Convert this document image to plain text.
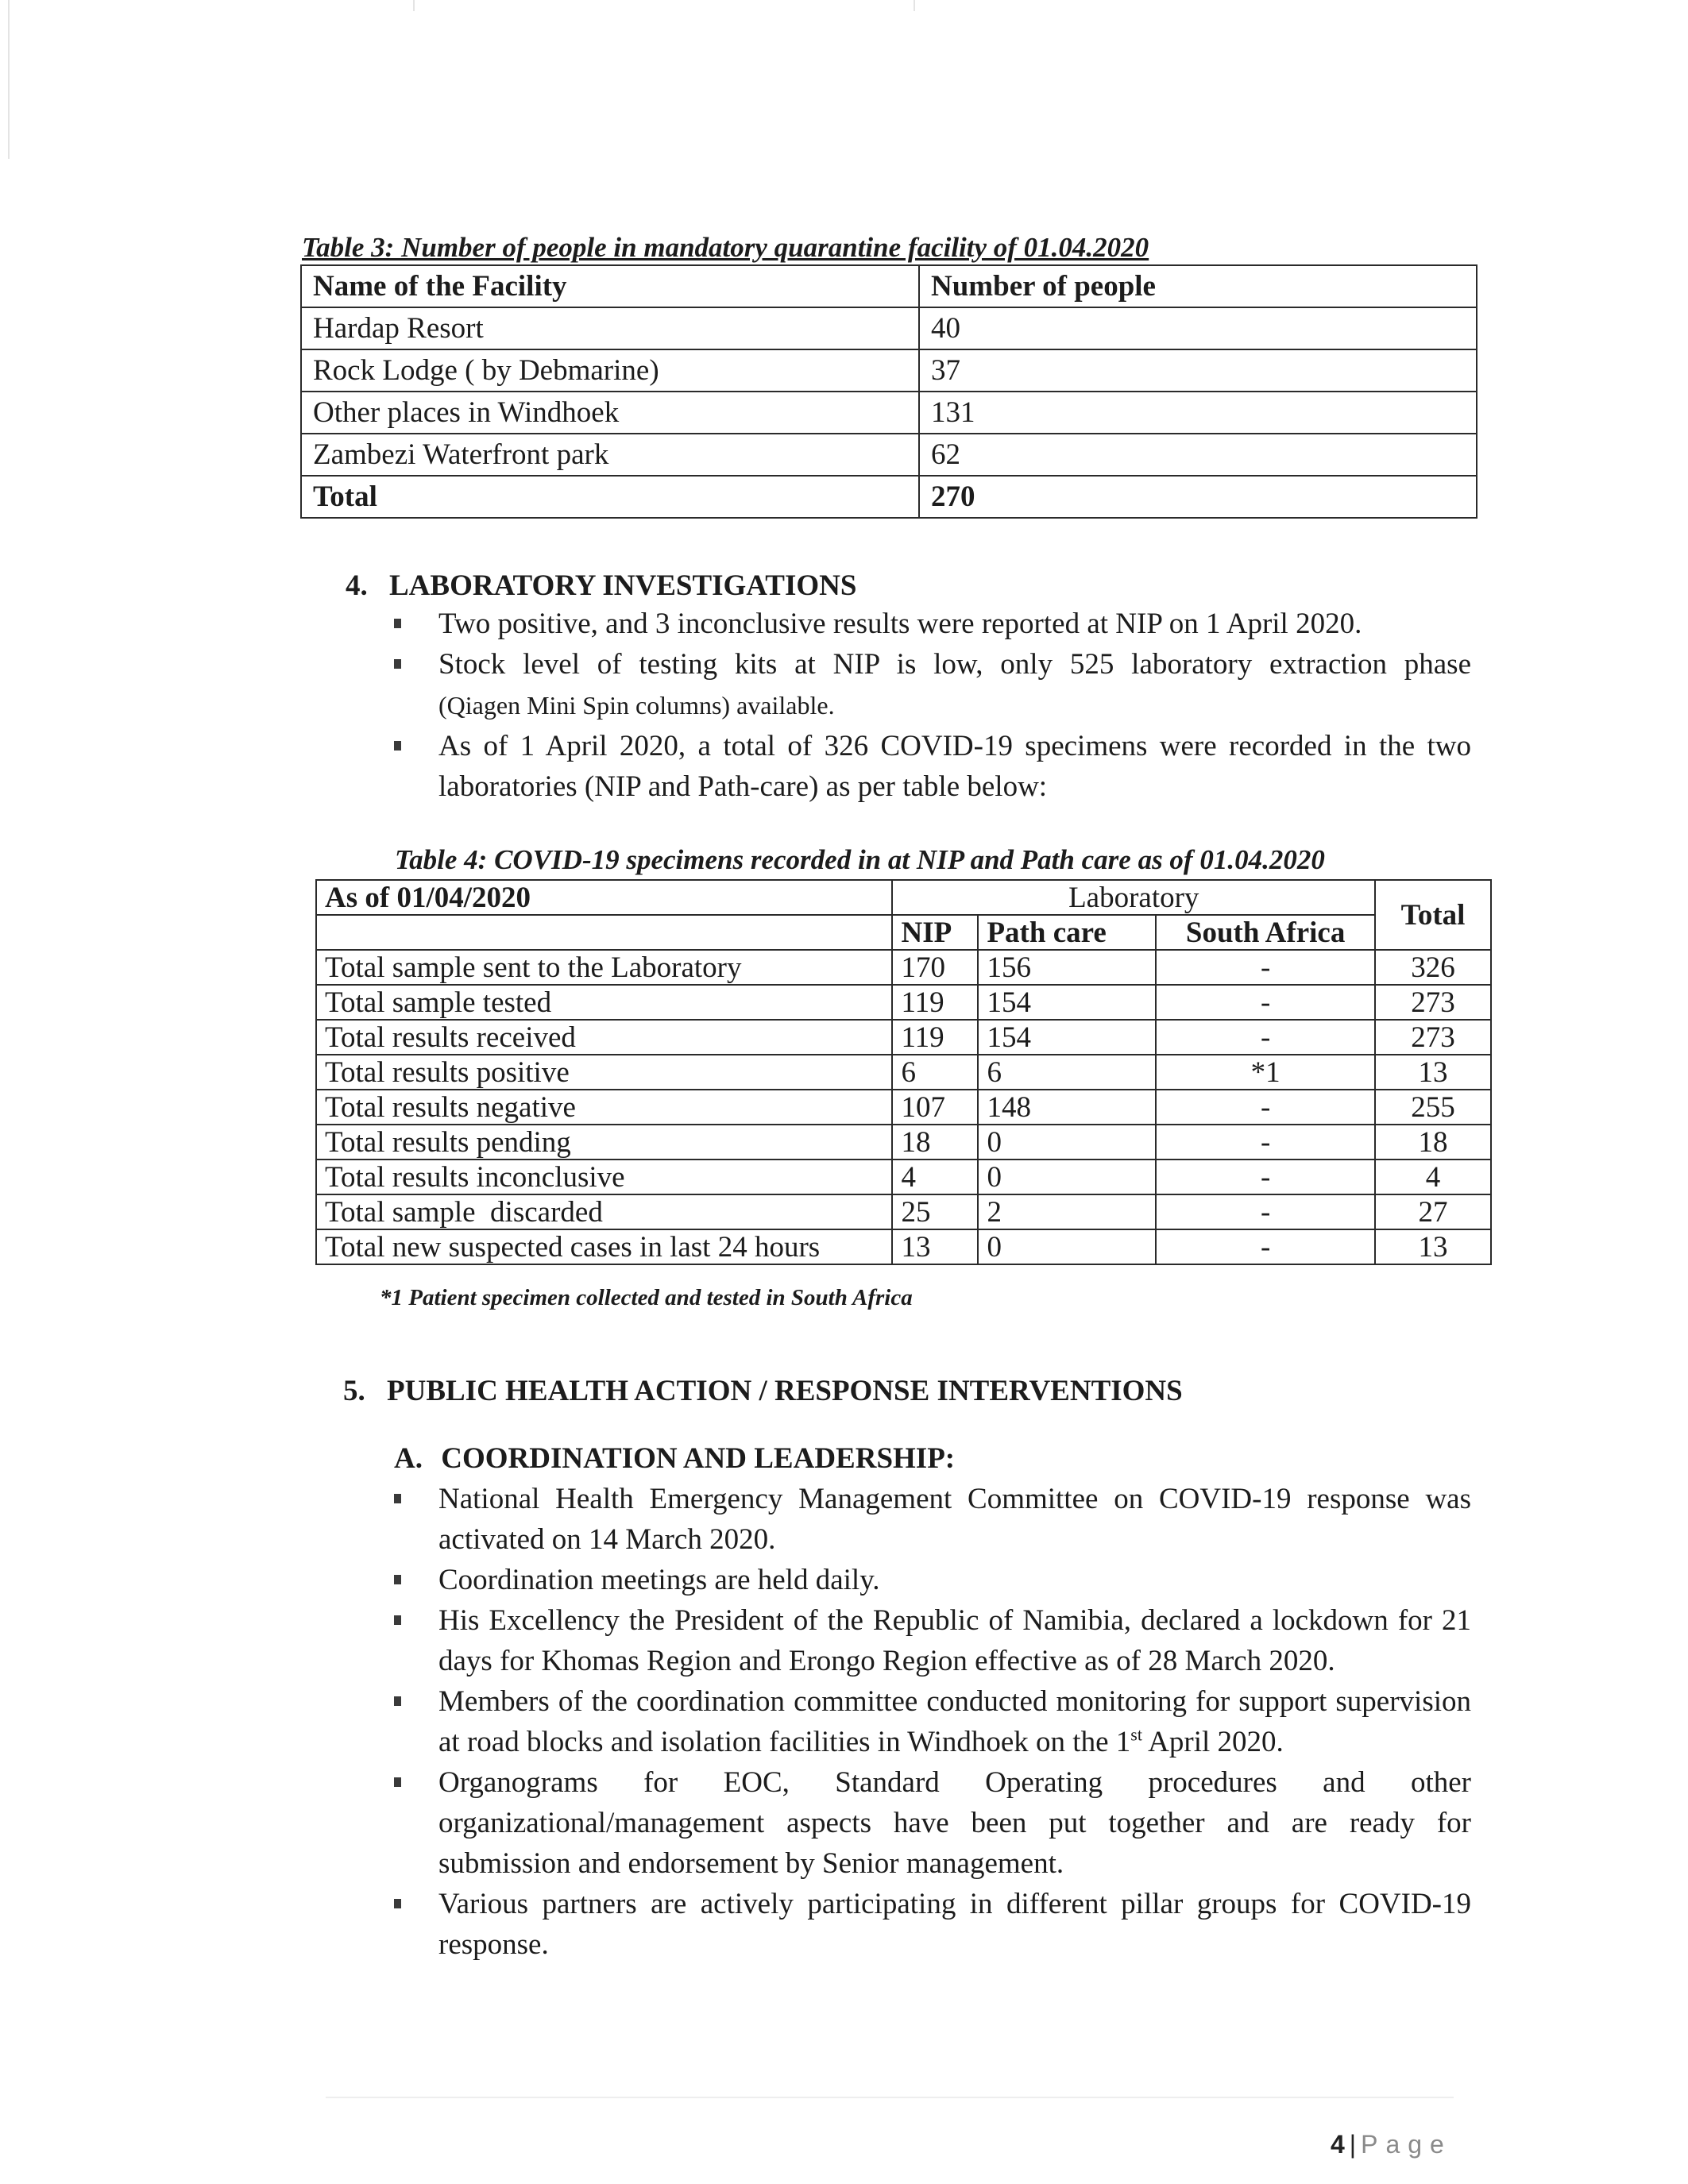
Table 3: Number of people in mandatory quarantine facility of 01.04.2020
Name of the Facility	Number of people
Hardap Resort	40
Rock Lodge ( by Debmarine)	37
Other places in Windhoek	131
Zambezi Waterfront park	62
Total	270
4. LABORATORY INVESTIGATIONS
Two positive, and 3 inconclusive results were reported at NIP on 1 April 2020.
Stock level of testing kits at NIP is low, only 525 laboratory extraction phase
(Qiagen Mini Spin columns) available.
As of 1 April 2020, a total of 326 COVID-19 specimens were recorded in the two laboratories (NIP and Path-care) as per table below:
Table 4: COVID-19 specimens recorded in at NIP and Path care as of 01.04.2020
As of 01/04/2020	Laboratory			Total
	NIP	Path care	South Africa	
Total sample sent to the Laboratory	170	156	-	326
Total sample tested	119	154	-	273
Total results received	119	154	-	273
Total results positive	6	6	*1	13
Total results negative	107	148	-	255
Total results pending	18	0	-	18
Total results inconclusive	4	0	-	4
Total sample  discarded	25	2	-	27
Total new suspected cases in last 24 hours	13	0	-	13
*1 Patient specimen collected and tested in South Africa
5. PUBLIC HEALTH ACTION / RESPONSE INTERVENTIONS
A. COORDINATION AND LEADERSHIP:
National Health Emergency Management Committee on COVID-19 response was activated on 14 March 2020.
Coordination meetings are held daily.
His Excellency the President of the Republic of Namibia, declared a lockdown for 21 days for Khomas Region and Erongo Region effective as of 28 March 2020.
Members of the coordination committee conducted monitoring for support supervision at road blocks and isolation facilities in Windhoek on the 1st April 2020.
Organograms for EOC, Standard Operating procedures and other organizational/management aspects have been put together and are ready for submission and endorsement by Senior management.
Various partners are actively participating in different pillar groups for COVID-19 response.
4 | Page
